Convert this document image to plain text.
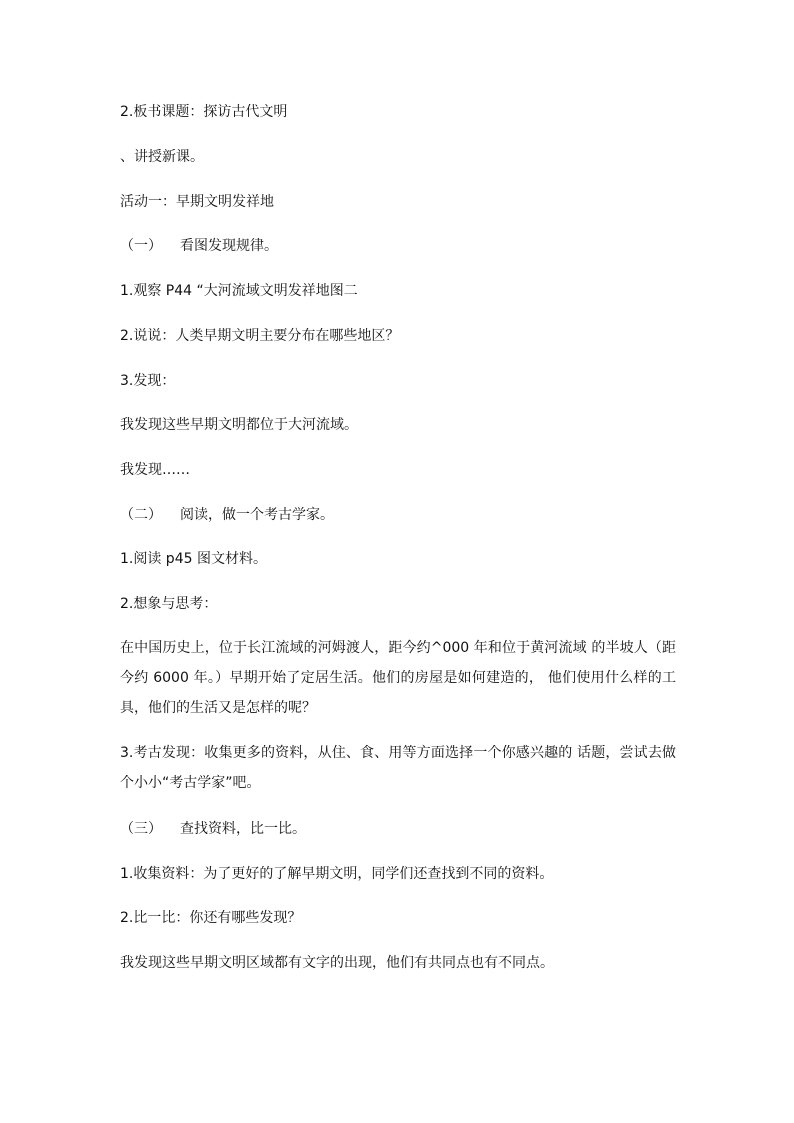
2.板书课题：探访古代文明
、讲授新课。
活动一：早期文明发祥地
（一） 看图发现规律。
1.观察 P44 “大河流域文明发祥地图二
2.说说：人类早期文明主要分布在哪些地区？
3.发现：
我发现这些早期文明都位于大河流域。
我发现……
（二） 阅读，做一个考古学家。
1.阅读 p45 图文材料。
2.想象与思考：
在中国历史上，位于长江流域的河姆渡人，距今约^000 年和位于黄河流域 的半坡人（距今约 6000 年。）早期开始了定居生活。他们的房屋是如何建造的， 他们使用什么样的工具，他们的生活又是怎样的呢？
3.考古发现：收集更多的资料，从住、食、用等方面选择一个你感兴趣的 话题，尝试去做个小小“考古学家”吧。
（三） 查找资料，比一比。
1.收集资料：为了更好的了解早期文明，同学们还查找到不同的资料。
2.比一比：你还有哪些发现？
我发现这些早期文明区域都有文字的出现，他们有共同点也有不同点。
